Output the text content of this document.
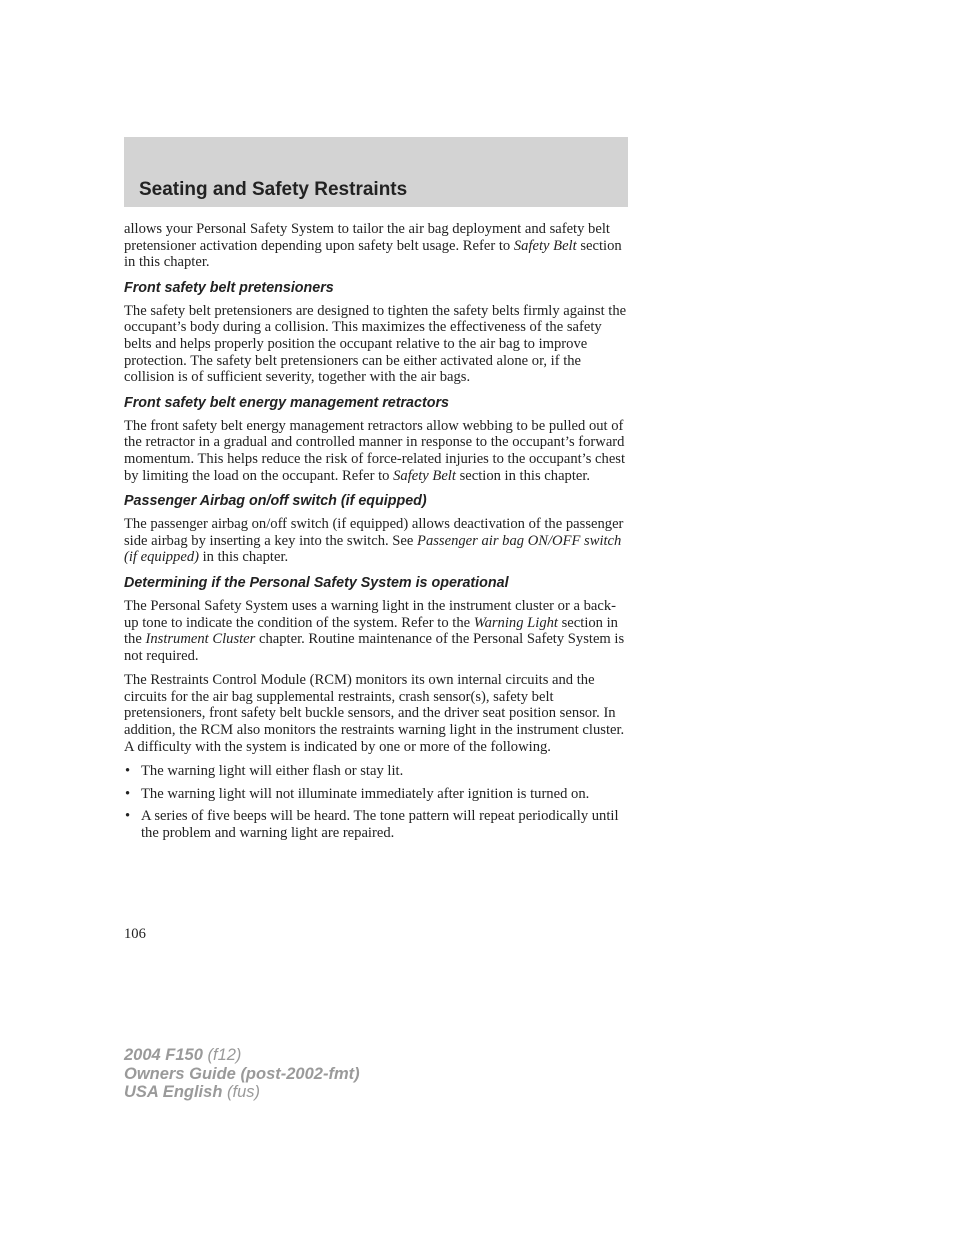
Seating and Safety Restraints

allows your Personal Safety System to tailor the air bag deployment and safety belt pretensioner activation depending upon safety belt usage. Refer to Safety Belt section in this chapter.

Front safety belt pretensioners

The safety belt pretensioners are designed to tighten the safety belts firmly against the occupant’s body during a collision. This maximizes the effectiveness of the safety belts and helps properly position the occupant relative to the air bag to improve protection. The safety belt pretensioners can be either activated alone or, if the collision is of sufficient severity, together with the air bags.

Front safety belt energy management retractors

The front safety belt energy management retractors allow webbing to be pulled out of the retractor in a gradual and controlled manner in response to the occupant’s forward momentum. This helps reduce the risk of force-related injuries to the occupant’s chest by limiting the load on the occupant. Refer to Safety Belt section in this chapter.

Passenger Airbag on/off switch (if equipped)

The passenger airbag on/off switch (if equipped) allows deactivation of the passenger side airbag by inserting a key into the switch. See Passenger air bag ON/OFF switch (if equipped) in this chapter.

Determining if the Personal Safety System is operational

The Personal Safety System uses a warning light in the instrument cluster or a back-up tone to indicate the condition of the system. Refer to the Warning Light section in the Instrument Cluster chapter. Routine maintenance of the Personal Safety System is not required.

The Restraints Control Module (RCM) monitors its own internal circuits and the circuits for the air bag supplemental restraints, crash sensor(s), safety belt pretensioners, front safety belt buckle sensors, and the driver seat position sensor. In addition, the RCM also monitors the restraints warning light in the instrument cluster. A difficulty with the system is indicated by one or more of the following.

• The warning light will either flash or stay lit.
• The warning light will not illuminate immediately after ignition is turned on.
• A series of five beeps will be heard. The tone pattern will repeat periodically until the problem and warning light are repaired.
106
2004 F150 (f12)
Owners Guide (post-2002-fmt)
USA English (fus)
